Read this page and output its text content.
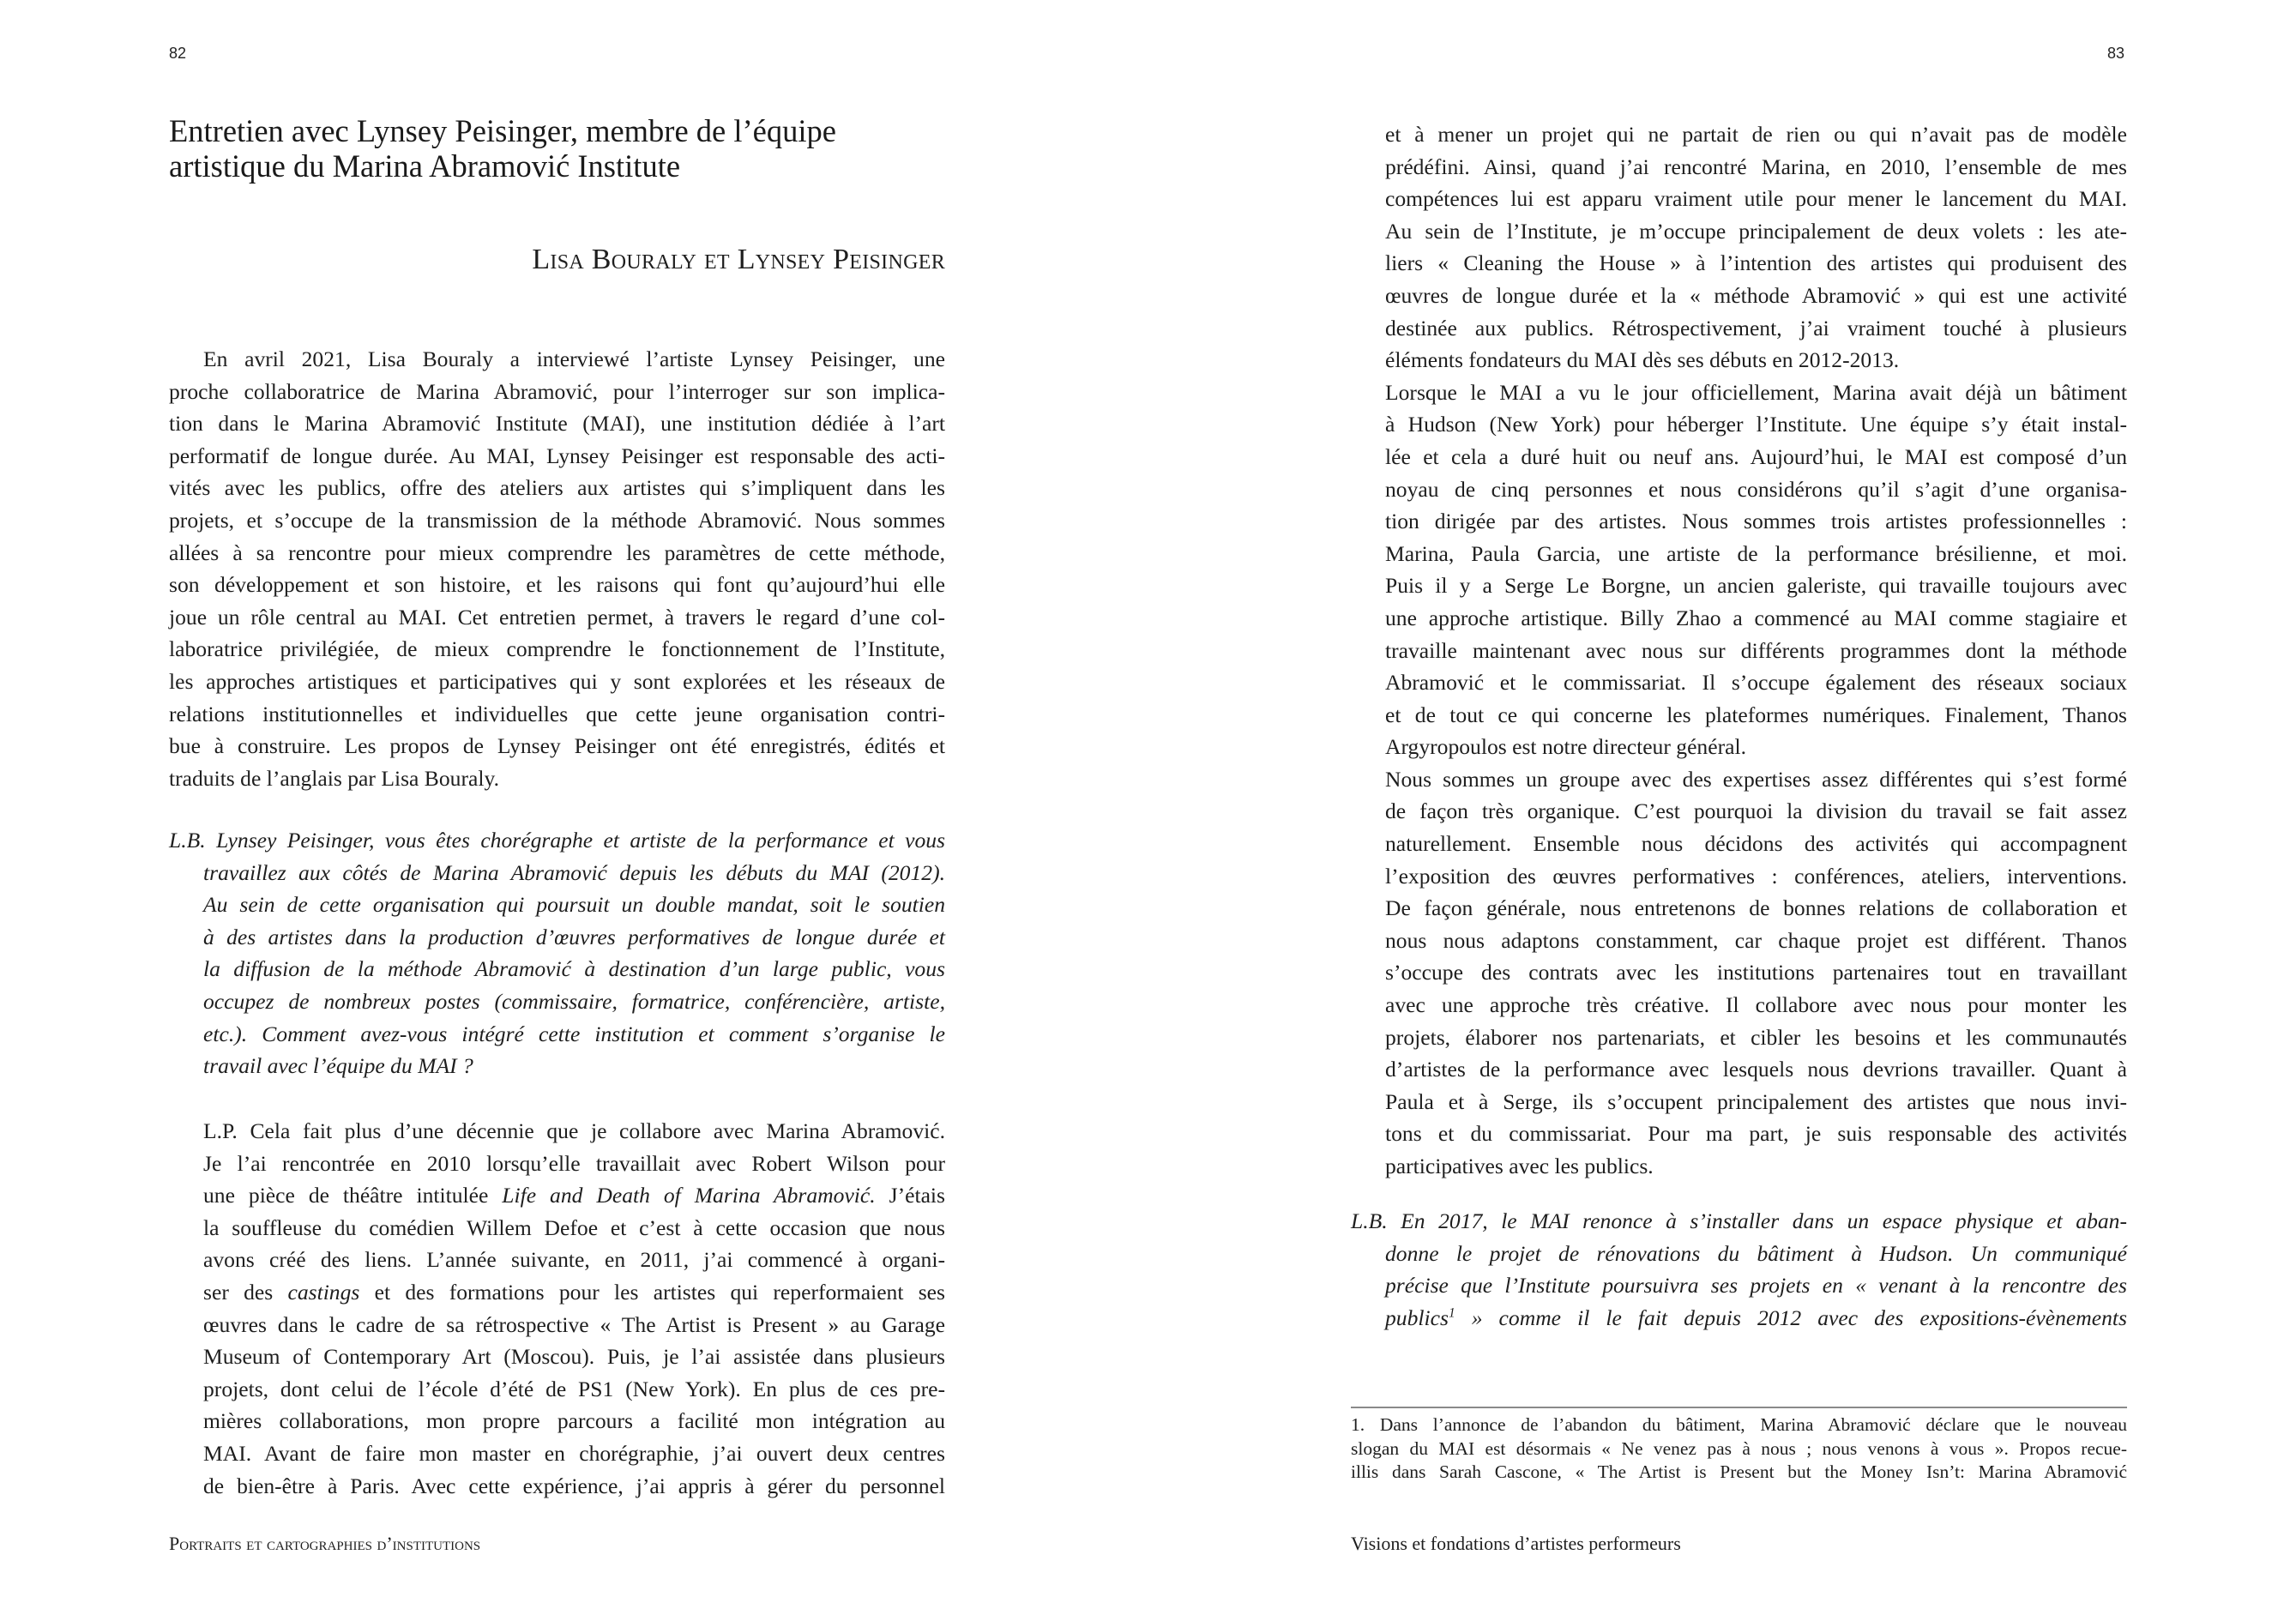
82
Entretien avec Lynsey Peisinger, membre de l’équipe
artistique du Marina Abramović Institute
Lisa Bouraly et Lynsey Peisinger
En avril 2021, Lisa Bouraly a interviewé l’artiste Lynsey Peisinger, une
proche collaboratrice de Marina Abramović, pour l’interroger sur son implica-
tion dans le Marina Abramović Institute (MAI), une institution dédiée à l’art
performatif de longue durée. Au MAI, Lynsey Peisinger est responsable des acti-
vités avec les publics, offre des ateliers aux artistes qui s’impliquent dans les
projets, et s’occupe de la transmission de la méthode Abramović. Nous sommes
allées à sa rencontre pour mieux comprendre les paramètres de cette méthode,
son développement et son histoire, et les raisons qui font qu’aujourd’hui elle
joue un rôle central au MAI. Cet entretien permet, à travers le regard d’une col-
laboratrice privilégiée, de mieux comprendre le fonctionnement de l’Institute,
les approches artistiques et participatives qui y sont explorées et les réseaux de
relations institutionnelles et individuelles que cette jeune organisation contri-
bue à construire. Les propos de Lynsey Peisinger ont été enregistrés, édités et
traduits de l’anglais par Lisa Bouraly.
L.B. Lynsey Peisinger, vous êtes chorégraphe et artiste de la performance et vous
travaillez aux côtés de Marina Abramović depuis les débuts du MAI (2012).
Au sein de cette organisation qui poursuit un double mandat, soit le soutien
à des artistes dans la production d’œuvres performatives de longue durée et
la diffusion de la méthode Abramović à destination d’un large public, vous
occupez de nombreux postes (commissaire, formatrice, conférencière, artiste,
etc.). Comment avez-vous intégré cette institution et comment s’organise le
travail avec l’équipe du MAI ?
L.P. Cela fait plus d’une décennie que je collabore avec Marina Abramović.
Je l’ai rencontrée en 2010 lorsqu’elle travaillait avec Robert Wilson pour
une pièce de théâtre intitulée Life and Death of Marina Abramović. J’étais
la souffleuse du comédien Willem Defoe et c’est à cette occasion que nous
avons créé des liens. L’année suivante, en 2011, j’ai commencé à organi-
ser des castings et des formations pour les artistes qui reperformaient ses
œuvres dans le cadre de sa rétrospective « The Artist is Present » au Garage
Museum of Contemporary Art (Moscou). Puis, je l’ai assistée dans plusieurs
projets, dont celui de l’école d’été de PS1 (New York). En plus de ces pre-
mières collaborations, mon propre parcours a facilité mon intégration au
MAI. Avant de faire mon master en chorégraphie, j’ai ouvert deux centres
de bien-être à Paris. Avec cette expérience, j’ai appris à gérer du personnel
Portraits et cartographies d’institutions
83
et à mener un projet qui ne partait de rien ou qui n’avait pas de modèle
prédéfini. Ainsi, quand j’ai rencontré Marina, en 2010, l’ensemble de mes
compétences lui est apparu vraiment utile pour mener le lancement du MAI.
Au sein de l’Institute, je m’occupe principalement de deux volets : les ate-
liers « Cleaning the House » à l’intention des artistes qui produisent des
œuvres de longue durée et la « méthode Abramović » qui est une activité
destinée aux publics. Rétrospectivement, j’ai vraiment touché à plusieurs
éléments fondateurs du MAI dès ses débuts en 2012-2013.
Lorsque le MAI a vu le jour officiellement, Marina avait déjà un bâtiment
à Hudson (New York) pour héberger l’Institute. Une équipe s’y était instal-
lée et cela a duré huit ou neuf ans. Aujourd’hui, le MAI est composé d’un
noyau de cinq personnes et nous considérons qu’il s’agit d’une organisa-
tion dirigée par des artistes. Nous sommes trois artistes professionnelles :
Marina, Paula Garcia, une artiste de la performance brésilienne, et moi.
Puis il y a Serge Le Borgne, un ancien galeriste, qui travaille toujours avec
une approche artistique. Billy Zhao a commencé au MAI comme stagiaire et
travaille maintenant avec nous sur différents programmes dont la méthode
Abramović et le commissariat. Il s’occupe également des réseaux sociaux
et de tout ce qui concerne les plateformes numériques. Finalement, Thanos
Argyropoulos est notre directeur général.
Nous sommes un groupe avec des expertises assez différentes qui s’est formé
de façon très organique. C’est pourquoi la division du travail se fait assez
naturellement. Ensemble nous décidons des activités qui accompagnent
l’exposition des œuvres performatives : conférences, ateliers, interventions.
De façon générale, nous entretenons de bonnes relations de collaboration et
nous nous adaptons constamment, car chaque projet est différent. Thanos
s’occupe des contrats avec les institutions partenaires tout en travaillant
avec une approche très créative. Il collabore avec nous pour monter les
projets, élaborer nos partenariats, et cibler les besoins et les communautés
d’artistes de la performance avec lesquels nous devrions travailler. Quant à
Paula et à Serge, ils s’occupent principalement des artistes que nous invi-
tons et du commissariat. Pour ma part, je suis responsable des activités
participatives avec les publics.
L.B. En 2017, le MAI renonce à s’installer dans un espace physique et aban-
donne le projet de rénovations du bâtiment à Hudson. Un communiqué
précise que l’Institute poursuivra ses projets en « venant à la rencontre des
publics$^1$ » comme il le fait depuis 2012 avec des expositions-évènements
1. Dans l’annonce de l’abandon du bâtiment, Marina Abramović déclare que le nouveau
slogan du MAI est désormais « Ne venez pas à nous ; nous venons à vous ». Propos recue-
illis dans Sarah Cascone, « The Artist is Present but the Money Isn’t: Marina Abramović
Visions et fondations d’artistes performeurs
